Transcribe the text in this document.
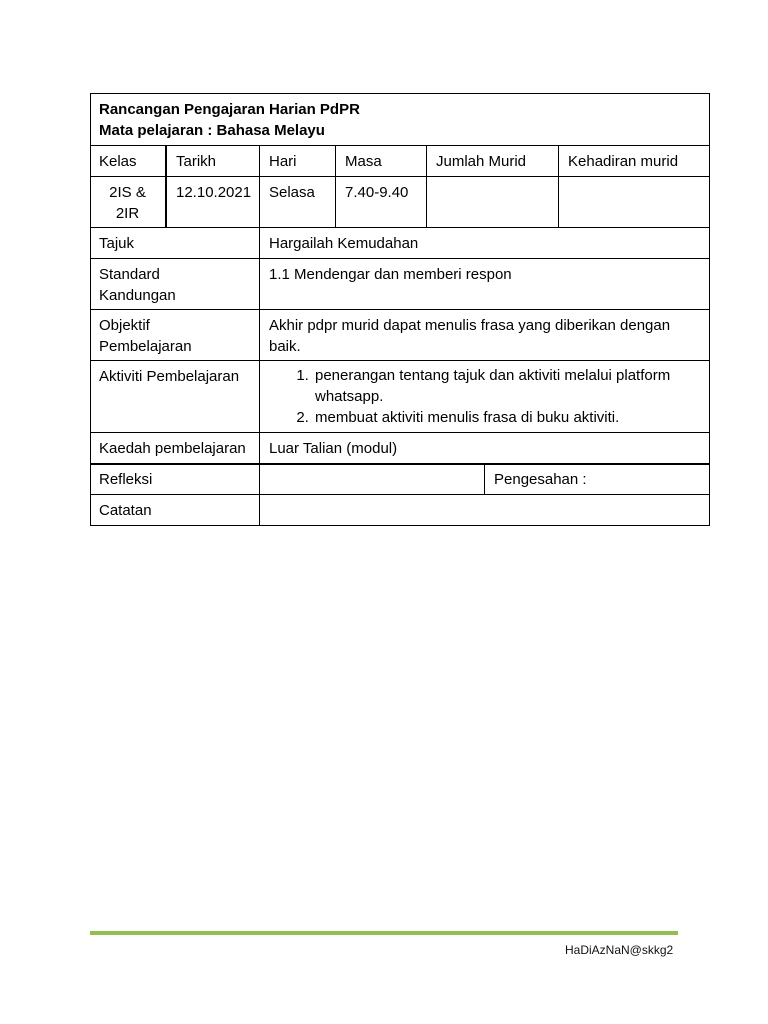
Rancangan Pengajaran Harian PdPR
Mata pelajaran : Bahasa Melayu
Kelas	Tarikh	Hari	Masa	Jumlah Murid	Kehadiran murid
2IS &
2IR
12.10.2021	Selasa	7.40-9.40
Tajuk	Hargailah Kemudahan
Standard
Kandungan
1.1 Mendengar dan memberi respon
Objektif
Pembelajaran
Akhir pdpr murid dapat menulis frasa yang diberikan dengan baik.
Aktiviti Pembelajaran
1.	penerangan tentang tajuk dan aktiviti melalui platform whatsapp.
2. membuat aktiviti menulis frasa di buku aktiviti.
Kaedah pembelajaran	Luar Talian (modul)
Refleksi	Pengesahan :
Catatan
HaDiAzNaN@skkg2
